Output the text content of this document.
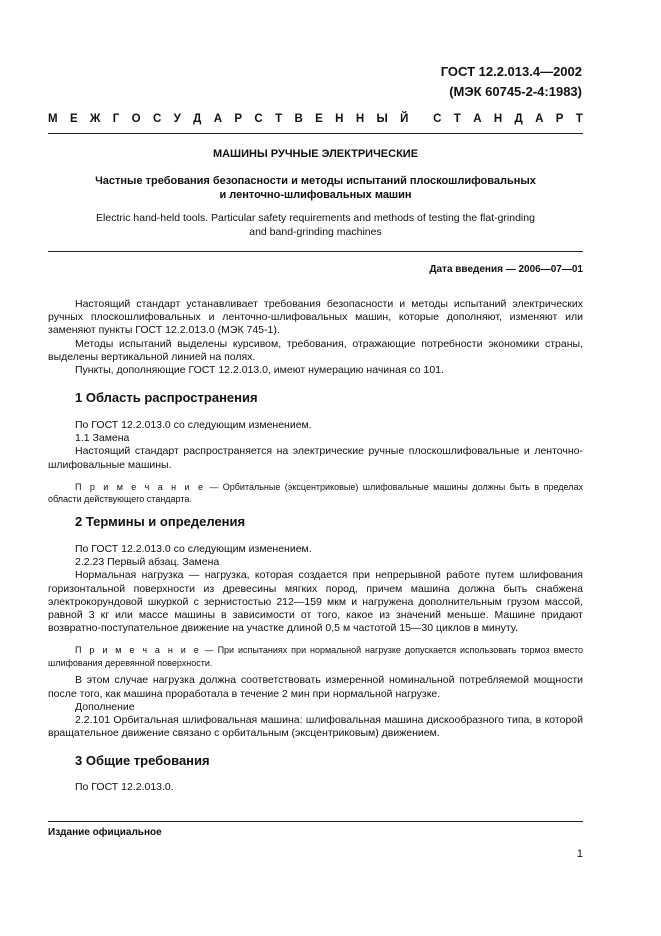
ГОСТ 12.2.013.4—2002
(МЭК 60745-2-4:1983)
М Е Ж Г О С У Д А Р С Т В Е Н Н Ы Й С Т А Н Д А Р Т
МАШИНЫ РУЧНЫЕ ЭЛЕКТРИЧЕСКИЕ
Частные требования безопасности и методы испытаний плоскошлифовальных
и ленточно-шлифовальных машин
Electric hand-held tools. Particular safety requirements and methods of testing the flat-grinding
and band-grinding machines
Дата введения — 2006—07—01

Настоящий стандарт устанавливает требования безопасности и методы испытаний электрических ручных плоскошлифовальных и ленточно-шлифовальных машин, которые дополняют, изменяют или заменяют пункты ГОСТ 12.2.013.0 (МЭК 745-1).

Методы испытаний выделены курсивом, требования, отражающие потребности экономики страны, выделены вертикальной линией на полях.

Пункты, дополняющие ГОСТ 12.2.013.0, имеют нумерацию начиная со 101.

1 Область распространения

По ГОСТ 12.2.013.0 со следующим изменением.

1.1 Замена

Настоящий стандарт распространяется на электрические ручные плоскошлифовальные и ленточно-шлифовальные машины.

П р и м е ч а н и е — Орбитальные (эксцентриковые) шлифовальные машины должны быть в пределах области действующего стандарта.

2 Термины и определения

По ГОСТ 12.2.013.0 со следующим изменением.

2.2.23 Первый абзац. Замена

Нормальная нагрузка — нагрузка, которая создается при непрерывной работе путем шлифования горизонтальной поверхности из древесины мягких пород, причем машина должна быть снабжена электрокорундовой шкуркой с зернистостью 212—159 мкм и нагружена дополнительным грузом массой, равной 3 кг или массе машины в зависимости от того, какое из значений меньше. Машине придают возвратно-поступательное движение на участке длиной 0,5 м частотой 15—30 циклов в минуту.

П р и м е ч а н и е — При испытаниях при нормальной нагрузке допускается использовать тормоз вместо шлифования деревянной поверхности.

В этом случае нагрузка должна соответствовать измеренной номинальной потребляемой мощности после того, как машина проработала в течение 2 мин при нормальной нагрузке.

Дополнение

2.2.101 Орбитальная шлифовальная машина: шлифовальная машина дискообразного типа, в которой вращательное движение связано с орбитальным (эксцентриковым) движением.

3 Общие требования

По ГОСТ 12.2.013.0.

Издание официальное
1
